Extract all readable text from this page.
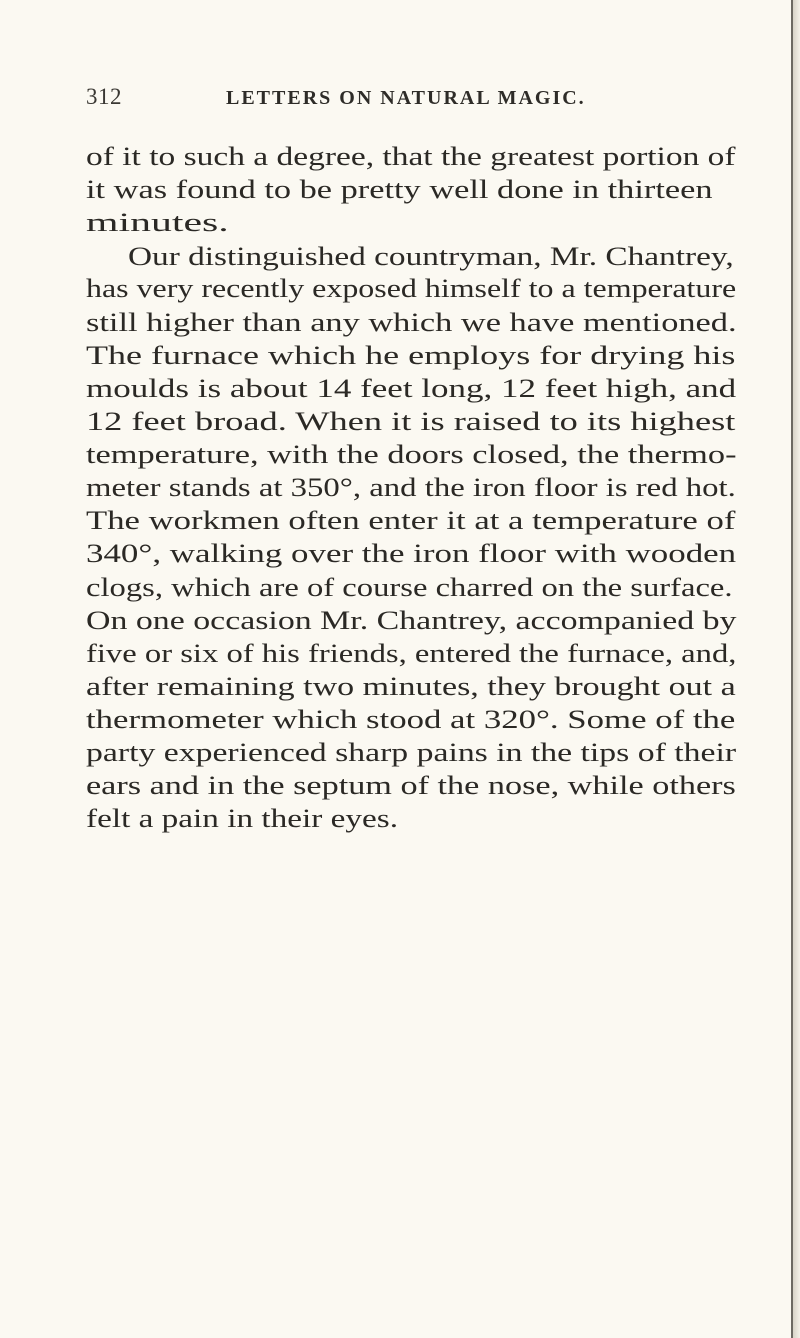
312	LETTERS ON NATURAL MAGIC.
of it to such a degree, that the greatest portion of
it was found to be pretty well done in thirteen
minutes.
Our distinguished countryman, Mr. Chantrey,
has very recently exposed himself to a temperature
still higher than any which we have mentioned.
The furnace which he employs for drying his
moulds is about 14 feet long, 12 feet high, and
12 feet broad. When it is raised to its highest
temperature, with the doors closed, the thermo-
meter stands at 350°, and the iron floor is red hot.
The workmen often enter it at a temperature of
340°, walking over the iron floor with wooden
clogs, which are of course charred on the surface.
On one occasion Mr. Chantrey, accompanied by
five or six of his friends, entered the furnace, and,
after remaining two minutes, they brought out a
thermometer which stood at 320°. Some of the
party experienced sharp pains in the tips of their
ears and in the septum of the nose, while others
felt a pain in their eyes.
